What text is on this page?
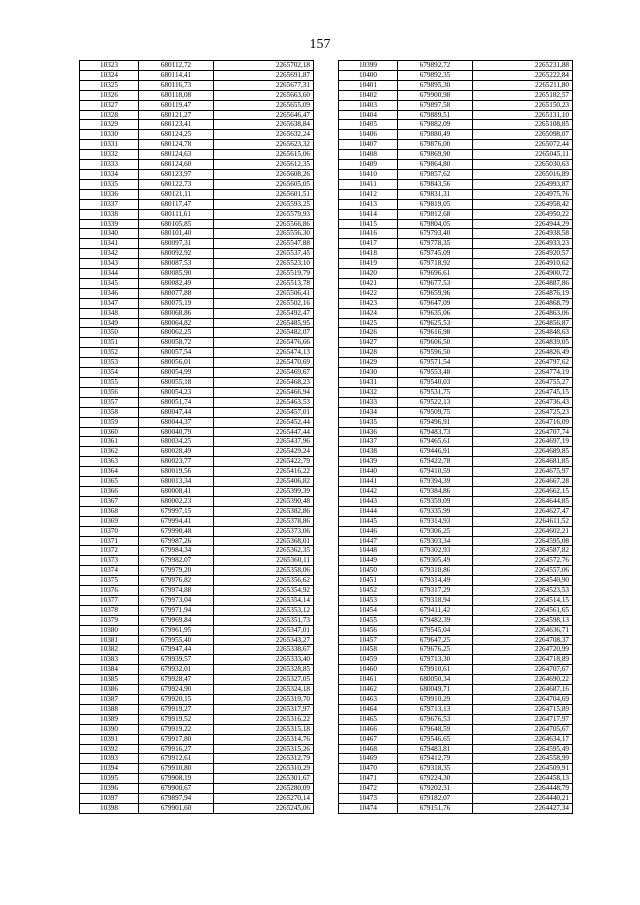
157
10323	680112,72	2265702,18
10324	680114,41	2265691,87
10325	680116,73	2265677,31
10326	680118,08	2265663,60
10327	680119,47	2265655,09
10328	680121,27	2265646,47
10329	680123,41	2265638,84
10330	680124,25	2265632,24
10331	680124,78	2265623,32
10332	680124,63	2265615,06
10333	680124,60	2265612,35
10334	680123,97	2265608,26
10335	680122,73	2265605,05
10336	680121,11	2265601,51
10337	680117,47	2265593,25
10338	680111,61	2265579,93
10339	680105,85	2265566,86
10340	680101,40	2265556,30
10341	680097,31	2265547,88
10342	680092,92	2265537,45
10343	680087,53	2265523,10
10344	680085,90	2265519,79
10345	680082,49	2265513,78
10346	680077,88	2265506,41
10347	680075,19	2265502,16
10348	680068,86	2265492,47
10349	680064,82	2265485,95
10350	680062,25	2265482,07
10351	680058,72	2265476,66
10352	680057,54	2265474,13
10353	680056,01	2265470,69
10354	680054,99	2265469,67
10355	680055,18	2265468,23
10356	680054,23	2265466,94
10357	680051,74	2265463,53
10358	680047,44	2265457,01
10359	680044,37	2265452,44
10360	680040,79	2265447,44
10361	680034,25	2265437,96
10362	680028,49	2265429,24
10363	680023,77	2265422,79
10364	680019,56	2265416,22
10365	680013,34	2265406,82
10366	680008,41	2265399,39
10367	680002,23	2265390,48
10368	679997,15	2265382,86
10369	679994,41	2265378,86
10370	679990,48	2265373,06
10371	679987,26	2265368,01
10372	679984,34	2265362,35
10373	679982,07	2265360,11
10374	679979,20	2265358,06
10375	679976,82	2265356,62
10376	679974,88	2265354,92
10377	679973,04	2265354,14
10378	679971,94	2265353,12
10379	679969,84	2265351,73
10380	679961,95	2265347,01
10381	679955,40	2265343,27
10382	679947,44	2265338,67
10383	679939,57	2265333,40
10384	679932,01	2265328,85
10385	679928,47	2265327,05
10386	679924,90	2265324,18
10387	679920,15	2265319,70
10388	679919,27	2265317,97
10389	679919,52	2265316,22
10390	679919,22	2265315,18
10391	679917,80	2265314,76
10392	679916,27	2265315,26
10393	679912,61	2265312,79
10394	679910,80	2265310,29
10395	679908,19	2265301,67
10396	679900,67	2265280,09
10397	679897,94	2265270,14
10398	679901,60	2265245,06
10399	679892,72	2265231,88
10400	679892,35	2265222,84
10401	679895,30	2265211,80
10402	679900,98	2265182,57
10403	679897,58	2265150,23
10404	679889,51	2265131,10
10405	679882,09	2265108,85
10406	679880,49	2265098,07
10407	679876,00	2265072,44
10408	679869,90	2265045,11
10409	679864,80	2265030,63
10410	679857,62	2265016,89
10411	679843,56	2264993,87
10412	679831,31	2264975,76
10413	679819,05	2264958,42
10414	679812,68	2264950,22
10415	679804,05	2264944,29
10416	679793,40	2264938,58
10417	679778,35	2264933,23
10418	679745,09	2264920,57
10419	679718,92	2264910,62
10420	679696,61	2264900,72
10421	679677,53	2264887,86
10422	679659,96	2264876,19
10423	679647,09	2264868,79
10424	679635,06	2264863,06
10425	679625,53	2264856,87
10426	679616,98	2264848,63
10427	679606,50	2264839,05
10428	679596,50	2264826,49
10429	679571,54	2264797,62
10430	679553,48	2264774,19
10431	679540,03	2264755,27
10432	679531,75	2264745,15
10433	679522,13	2264736,43
10434	679509,75	2264725,23
10435	679496,91	2264716,09
10436	679483,73	2264707,74
10437	679465,61	2264697,19
10438	679446,91	2264689,85
10439	679422,78	2264681,85
10440	679410,59	2264675,97
10441	679394,39	2264667,28
10442	679384,86	2264662,15
10443	679359,09	2264644,85
10444	679335,99	2264627,47
10445	679314,93	2264611,52
10446	679306,25	2264602,21
10447	679303,34	2264595,08
10448	679302,93	2264587,82
10449	679305,49	2264572,76
10450	679310,86	2264557,06
10451	679314,49	2264540,90
10452	679317,29	2264523,53
10453	679318,94	2264514,15
10454	679411,42	2264561,65
10455	679482,39	2264598,13
10456	679545,04	2264636,71
10457	679647,25	2264708,37
10458	679676,25	2264720,99
10459	679713,30	2264718,89
10460	679910,61	2264707,67
10461	680050,34	2264690,22
10462	680049,71	2264687,16
10463	679910,29	2264704,69
10464	679713,13	2264715,89
10465	679676,53	2264717,97
10466	679648,59	2264705,67
10467	679546,65	2264634,17
10468	679483,81	2264595,49
10469	679412,79	2264558,99
10470	679318,35	2264509,91
10471	679224,30	2264458,13
10472	679202,31	2264448,79
10473	679182,07	2264440,21
10474	679151,76	2264427,34
